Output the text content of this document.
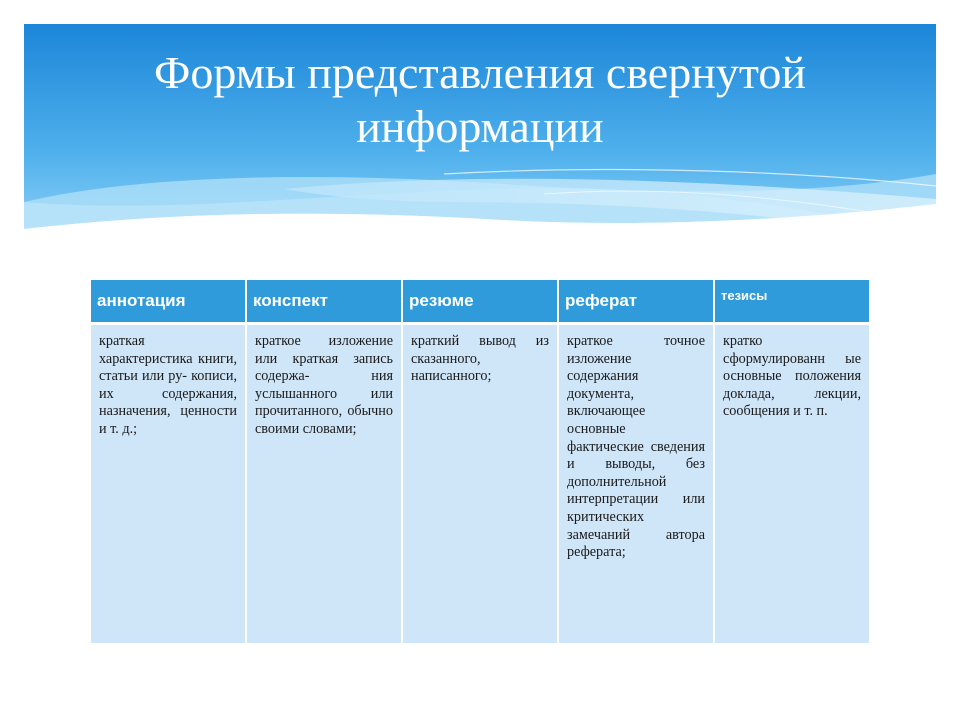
Формы представления свернутой
информации
аннотация	конспект	резюме	реферат	тезисы
краткая характеристика книги, статьи или ру- кописи, их содержания, назначения, ценности и т. д.;	краткое изложение или краткая запись содержа- ния услышанного или прочитанного, обычно своими словами;	краткий вывод из сказанного, написанного;	краткое точное изложение содержания документа, включающее основные фактические сведения и выводы, без дополнительной интерпретации или критических замечаний автора реферата;	кратко сформулированн ые основные положения доклада, лекции, сообщения и т. п.
